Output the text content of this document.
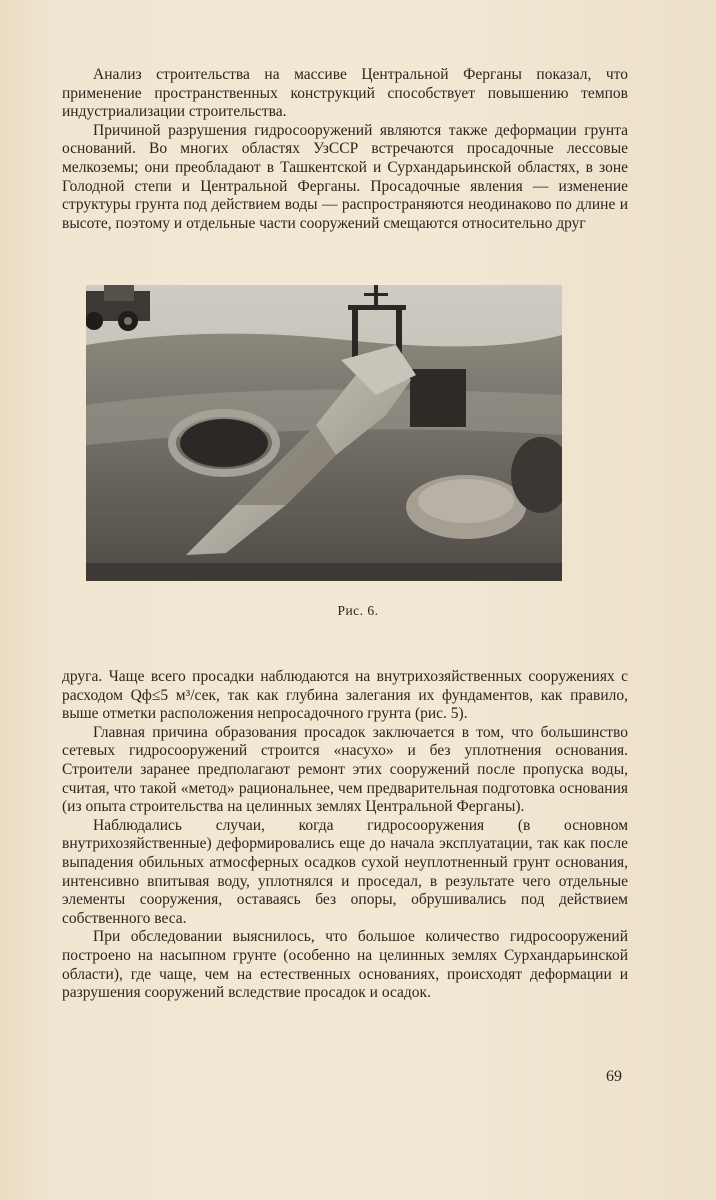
Анализ строительства на массиве Центральной Ферганы показал, что применение пространственных конструкций способствует повышению темпов индустриализации строительства.

Причиной разрушения гидросооружений являются также деформации грунта оснований. Во многих областях УзССР встречаются просадочные лессовые мелкоземы; они преобладают в Ташкентской и Сурхандарьинской областях, в зоне Голодной степи и Центральной Ферганы. Просадочные явления — изменение структуры грунта под действием воды — распространяются неодинаково по длине и высоте, поэтому и отдельные части сооружений смещаются относительно друг

Рис. 6.

друга. Чаще всего просадки наблюдаются на внутрихозяйственных сооружениях с расходом Qф≤5 м³/сек, так как глубина залегания их фундаментов, как правило, выше отметки расположения непросадочного грунта (рис. 5).

Главная причина образования просадок заключается в том, что большинство сетевых гидросооружений строится «насухо» и без уплотнения основания. Строители заранее предполагают ремонт этих сооружений после пропуска воды, считая, что такой «метод» рациональнее, чем предварительная подготовка основания (из опыта строительства на целинных землях Центральной Ферганы).

Наблюдались случаи, когда гидросооружения (в основном внутрихозяйственные) деформировались еще до начала эксплуатации, так как после выпадения обильных атмосферных осадков сухой неуплотненный грунт основания, интенсивно впитывая воду, уплотнялся и проседал, в результате чего отдельные элементы сооружения, оставаясь без опоры, обрушивались под действием собственного веса.

При обследовании выяснилось, что большое количество гидросооружений построено на насыпном грунте (особенно на целинных землях Сурхандарьинской области), где чаще, чем на естественных основаниях, происходят деформации и разрушения сооружений вследствие просадок и осадок.

69
